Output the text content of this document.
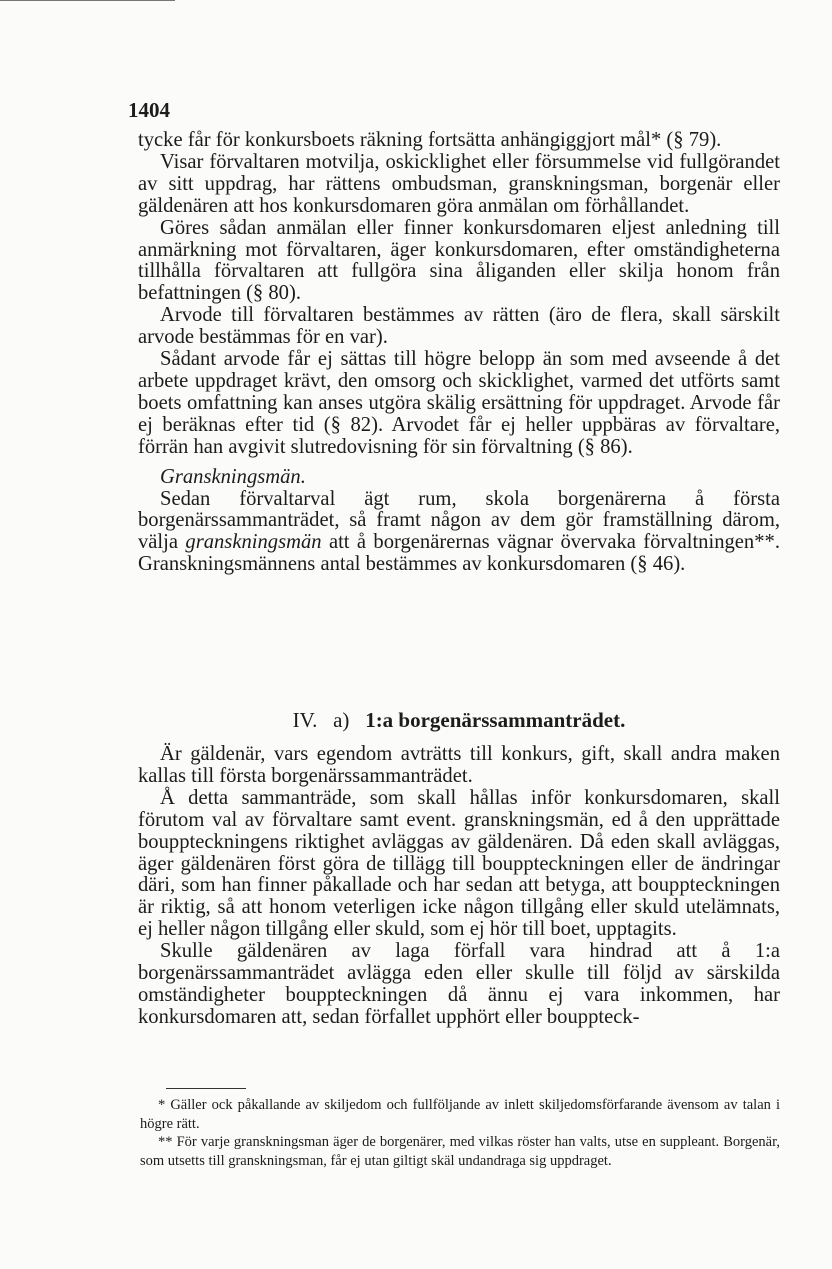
1404

tycke får för konkursboets räkning fortsätta anhängiggjort mål* (§ 79).

Visar förvaltaren motvilja, oskicklighet eller försummelse vid fullgörandet av sitt uppdrag, har rättens ombudsman, granskningsman, borgenär eller gäldenären att hos konkursdomaren göra anmälan om förhållandet.

Göres sådan anmälan eller finner konkursdomaren eljest anledning till anmärkning mot förvaltaren, äger konkursdomaren, efter omständigheterna tillhålla förvaltaren att fullgöra sina åliganden eller skilja honom från befattningen (§ 80).

Arvode till förvaltaren bestämmes av rätten (äro de flera, skall särskilt arvode bestämmas för en var).

Sådant arvode får ej sättas till högre belopp än som med avseende å det arbete uppdraget krävt, den omsorg och skicklighet, varmed det utförts samt boets omfattning kan anses utgöra skälig ersättning för uppdraget. Arvode får ej beräknas efter tid (§ 82). Arvodet får ej heller uppbäras av förvaltare, förrän han avgivit slutredovisning för sin förvaltning (§ 86).

Granskningsmän.

Sedan förvaltarval ägt rum, skola borgenärerna å första borgenärssammanträdet, så framt någon av dem gör framställning därom, välja granskningsmän att å borgenärernas vägnar övervaka förvaltningen**. Granskningsmännens antal bestämmes av konkursdomaren (§ 46).

IV. a) 1:a borgenärssammanträdet.

Är gäldenär, vars egendom avträtts till konkurs, gift, skall andra maken kallas till första borgenärssammanträdet.

Å detta sammanträde, som skall hållas inför konkursdomaren, skall förutom val av förvaltare samt event. granskningsmän, ed å den upprättade bouppteckningens riktighet avläggas av gäldenären. Då eden skall avläggas, äger gäldenären först göra de tillägg till bouppteckningen eller de ändringar däri, som han finner påkallade och har sedan att betyga, att bouppteckningen är riktig, så att honom veterligen icke någon tillgång eller skuld utelämnats, ej heller någon tillgång eller skuld, som ej hör till boet, upptagits.

Skulle gäldenären av laga förfall vara hindrad att å 1:a borgenärssammanträdet avlägga eden eller skulle till följd av särskilda omständigheter bouppteckningen då ännu ej vara inkommen, har konkursdomaren att, sedan förfallet upphört eller bouppteck-

* Gäller ock påkallande av skiljedom och fullföljande av inlett skiljedomsförfarande ävensom av talan i högre rätt.

** För varje granskningsman äger de borgenärer, med vilkas röster han valts, utse en suppleant. Borgenär, som utsetts till granskningsman, får ej utan giltigt skäl undandraga sig uppdraget.
